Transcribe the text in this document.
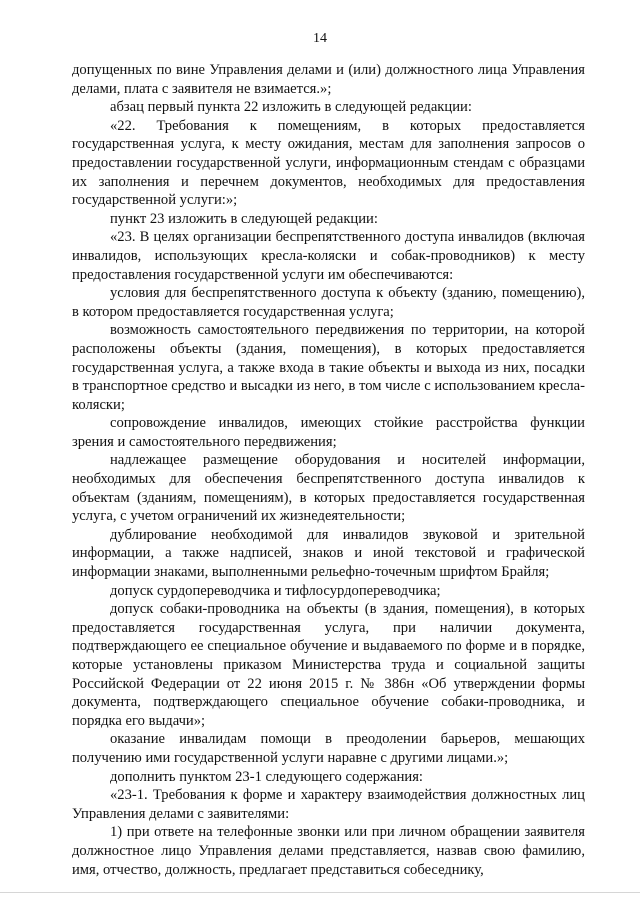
14

допущенных по вине Управления делами и (или) должностного лица Управления делами, плата с заявителя не взимается.»;

абзац первый пункта 22 изложить в следующей редакции:

«22. Требования к помещениям, в которых предоставляется государственная услуга, к месту ожидания, местам для заполнения запросов о предоставлении государственной услуги, информационным стендам с образцами их заполнения и перечнем документов, необходимых для предоставления государственной услуги:»;

пункт 23 изложить в следующей редакции:

«23. В целях организации беспрепятственного доступа инвалидов (включая инвалидов, использующих кресла-коляски и собак-проводников) к месту предоставления государственной услуги им обеспечиваются:

условия для беспрепятственного доступа к объекту (зданию, помещению), в котором предоставляется государственная услуга;

возможность самостоятельного передвижения по территории, на которой расположены объекты (здания, помещения), в которых предоставляется государственная услуга, а также входа в такие объекты и выхода из них, посадки в транспортное средство и высадки из него, в том числе с использованием кресла-коляски;

сопровождение инвалидов, имеющих стойкие расстройства функции зрения и самостоятельного передвижения;

надлежащее размещение оборудования и носителей информации, необходимых для обеспечения беспрепятственного доступа инвалидов к объектам (зданиям, помещениям), в которых предоставляется государственная услуга, с учетом ограничений их жизнедеятельности;

дублирование необходимой для инвалидов звуковой и зрительной информации, а также надписей, знаков и иной текстовой и графической информации знаками, выполненными рельефно-точечным шрифтом Брайля;

допуск сурдопереводчика и тифлосурдопереводчика;

допуск собаки-проводника на объекты (в здания, помещения), в которых предоставляется государственная услуга, при наличии документа, подтверждающего ее специальное обучение и выдаваемого по форме и в порядке, которые установлены приказом Министерства труда и социальной защиты Российской Федерации от 22 июня 2015 г. № 386н «Об утверждении формы документа, подтверждающего специальное обучение собаки-проводника, и порядка его выдачи»;

оказание инвалидам помощи в преодолении барьеров, мешающих получению ими государственной услуги наравне с другими лицами.»;

дополнить пунктом 23-1 следующего содержания:

«23-1. Требования к форме и характеру взаимодействия должностных лиц Управления делами с заявителями:

1) при ответе на телефонные звонки или при личном обращении заявителя должностное лицо Управления делами представляется, назвав свою фамилию, имя, отчество, должность, предлагает представиться собеседнику,
